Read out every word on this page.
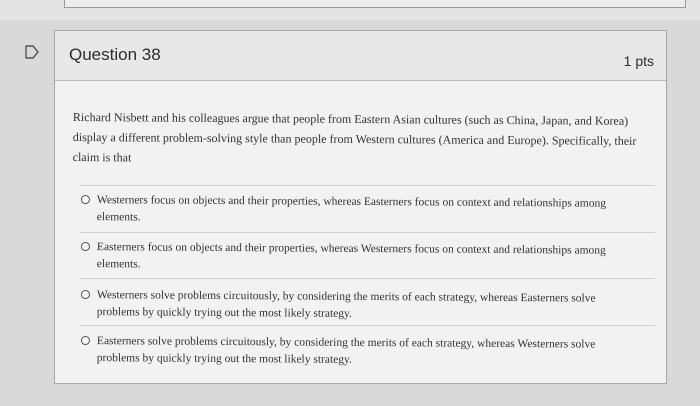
Question 38	1 pts

Richard Nisbett and his colleagues argue that people from Eastern Asian cultures (such as China, Japan, and Korea) display a different problem-solving style than people from Western cultures (America and Europe). Specifically, their claim is that

Westerners focus on objects and their properties, whereas Easterners focus on context and relationships among elements.

Easterners focus on objects and their properties, whereas Westerners focus on context and relationships among elements.

Westerners solve problems circuitously, by considering the merits of each strategy, whereas Easterners solve problems by quickly trying out the most likely strategy.

Easterners solve problems circuitously, by considering the merits of each strategy, whereas Westerners solve problems by quickly trying out the most likely strategy.
